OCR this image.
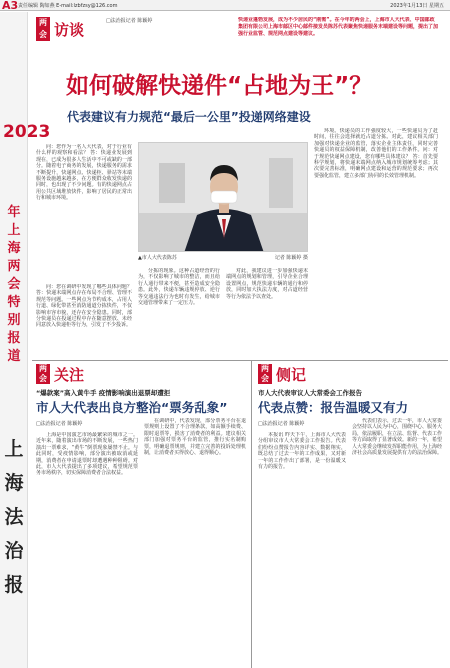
A3 责任编辑 陶如燕 E-mail:lzbfzsy@126.com	2023年1月13日 星期五
2023
年上海两会特别报道
上海法治报
两会 访谈	□法治报记者 陈颖婷	快递业蓬勃发展，成为不少居民的“刚需”。在今年的两会上，上海市人大代表、中国邮政集团有限公司上海市邮区中心邮件接发员陈苏代表聚焦快递服务末端建设等问题，提出了加强行业监管、规范网点建设等建议。
如何破解快递件“占地为王”？
代表建议有力规范“最后一公里”投递网络建设

问：您作为一名人大代表，对于行业有什么样的观察和看法？ 答：快递业发展到现在，已成为很多人生活中不可或缺的一部分。随着电子商务的发展，快递服务的需求不断提升，快递网点、快递柜、驿站等末端服务设施越来越多，在方便群众收发快递的同时，也出现了不少问题。有的快递网点占用公共区域堆放快件，影响了居民的正常出行和城市环境。

问：您在调研中发现了哪些具体问题？ 答：快递末端网点存在布局不合理、管理不规范等问题。一些网点为节约成本，占用人行道、绿化带甚至消防通道分拣快件，不仅影响市容市貌，还存在安全隐患。同时，部分快递员在投递过程中存在随意摆放、未经同意放入快递柜等行为，引发了不少投诉。

▲市人大代表陈苏	记者 陈颖婷 摄

分拣的现象。这种占道经营的行为，不仅影响了城市的整洁，而且给行人通行带来不便，甚至造成安全隐患。此外，快递车辆违规停放、逆行等交通违法行为也时有发生，给城市交通管理带来了一定压力。

对此，我建议进一步加强快递末端网点的规划和管理，引导企业合理设置网点，规范快递车辆的通行和停放，同时加大执法力度，对占道经营等行为依法予以查处。

环境。快递员的工作强度较大，一些快递员为了赶时间，往往会选择就近占道分拣。对此，建议相关部门加强对快递企业的监管，落实企业主体责任，同时完善快递员的权益保障机制，改善他们的工作条件。问：对于规范快递网点建设，您有哪些具体建议？ 答：首先要科学规划，将快递末端网点纳入城市规划统筹考虑；其次要完善标准，明确网点建设和运营的规范要求；再次要强化监管，建立多部门协同的长效管理机制。

两会 关注
“爆款案”高入黄牛手 疫情影响演出退票却遭拒
市人大代表出良方整治“票务乱象”
□法治报记者 陈颖婷

上海是中国演艺市场最繁荣的城市之一。近年来，随着演出市场的不断发展，一些热门演出一票难求，“黄牛”倒票现象屡禁不止。与此同时，受疫情影响，部分演出被取消或延期，消费者在申请退票时却遭遇种种阻碍。对此，市人大代表提出了多项建议，希望规范票务市场秩序，切实保障消费者合法权益。

在调研中，代表发现，部分票务平台在退票规则上设置了不合理条款，如高额手续费、限时退票等，损害了消费者的利益。建议相关部门加强对票务平台的监管，推行实名制购票，明确退票规则，并建立完善的投诉处理机制，让消费者买得放心、退得顺心。

两会 侧记
市人大代表审议人大常委会工作报告
代表点赞：报告温暖又有力
□法治报记者 陈颖婷

本报讯 昨天下午，上海市人大代表分组审议市人大常委会工作报告。代表们纷纷点赞报告内容详实、数据翔实，既总结了过去一年的工作成果，又对新一年的工作作出了部署，是一份温暖又有力的报告。

代表们表示，过去一年，市人大常委会坚持以人民为中心，围绕中心、服务大局，依法履职，在立法、监督、代表工作等方面取得了显著成效。新的一年，希望人大常委会继续发挥职能作用，为上海经济社会高质量发展提供有力的法治保障。
